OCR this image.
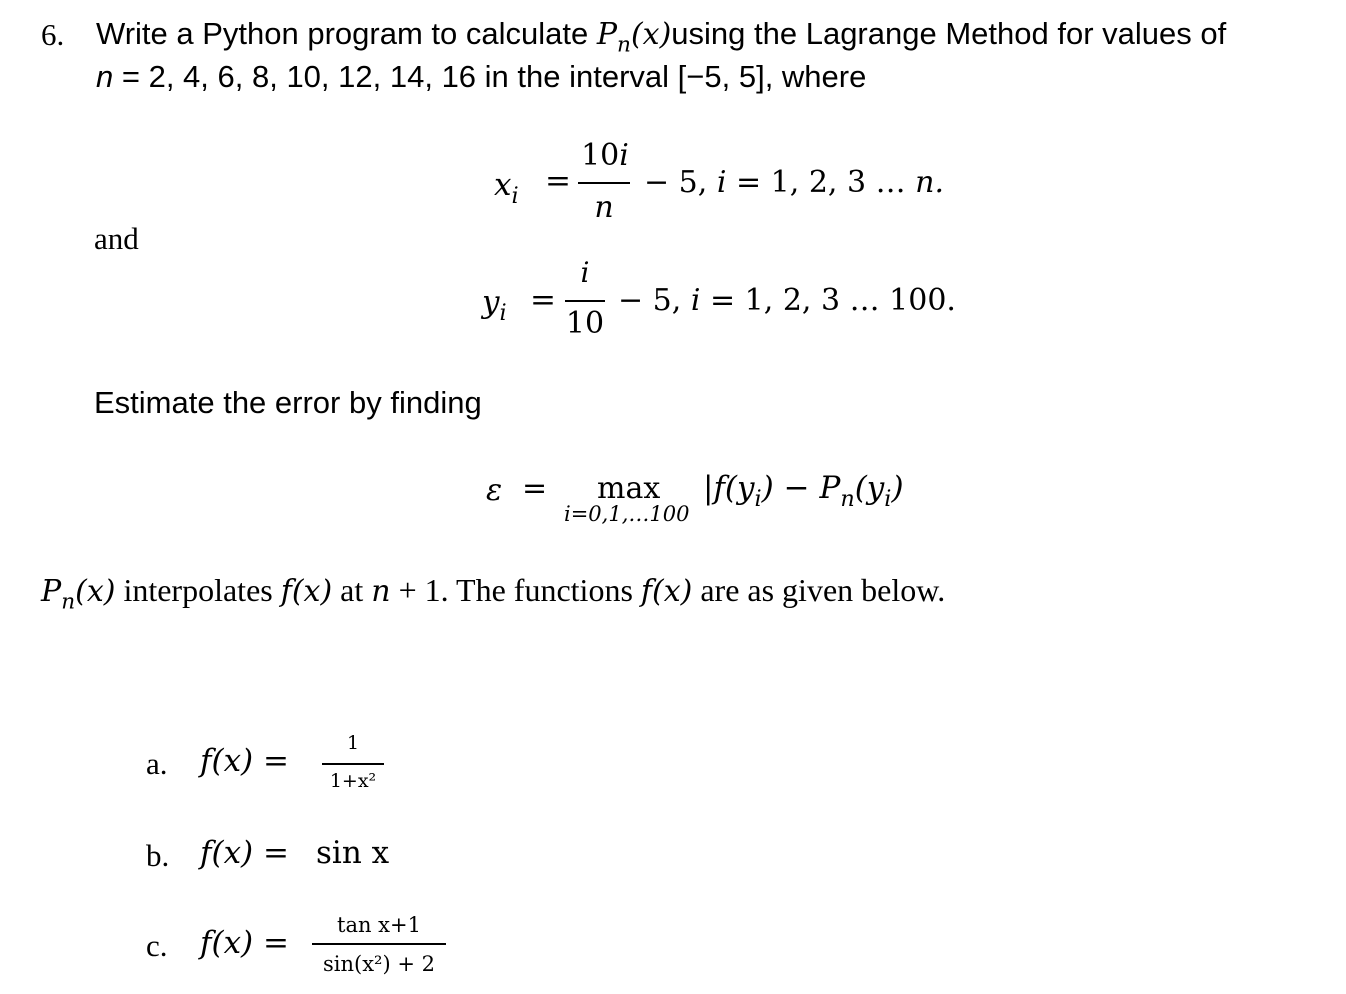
6. Write a Python program to calculate $P_n(x)using$ the Lagrange Method for values of
n = 2, 4, 6, 8, 10, 12, 14, 16 in the interval [−5, 5], where
$x_i$ =
10i
n
− 5, i = 1, 2, 3 … n.
and
$y_i$ =
i
10
− 5, i = 1, 2, 3 … 100.
Estimate the error by finding
ε = max
i=0,1,…100
$|f(y_i) - P_n(y_i)$
$P_n(x)$ interpolates f(x) at n + 1. The functions f(x) are as given below.
a. f(x) =	1
1+x²
b. f(x) = sin x
c. f(x) =	tan x+1
sin(x²) + 2
